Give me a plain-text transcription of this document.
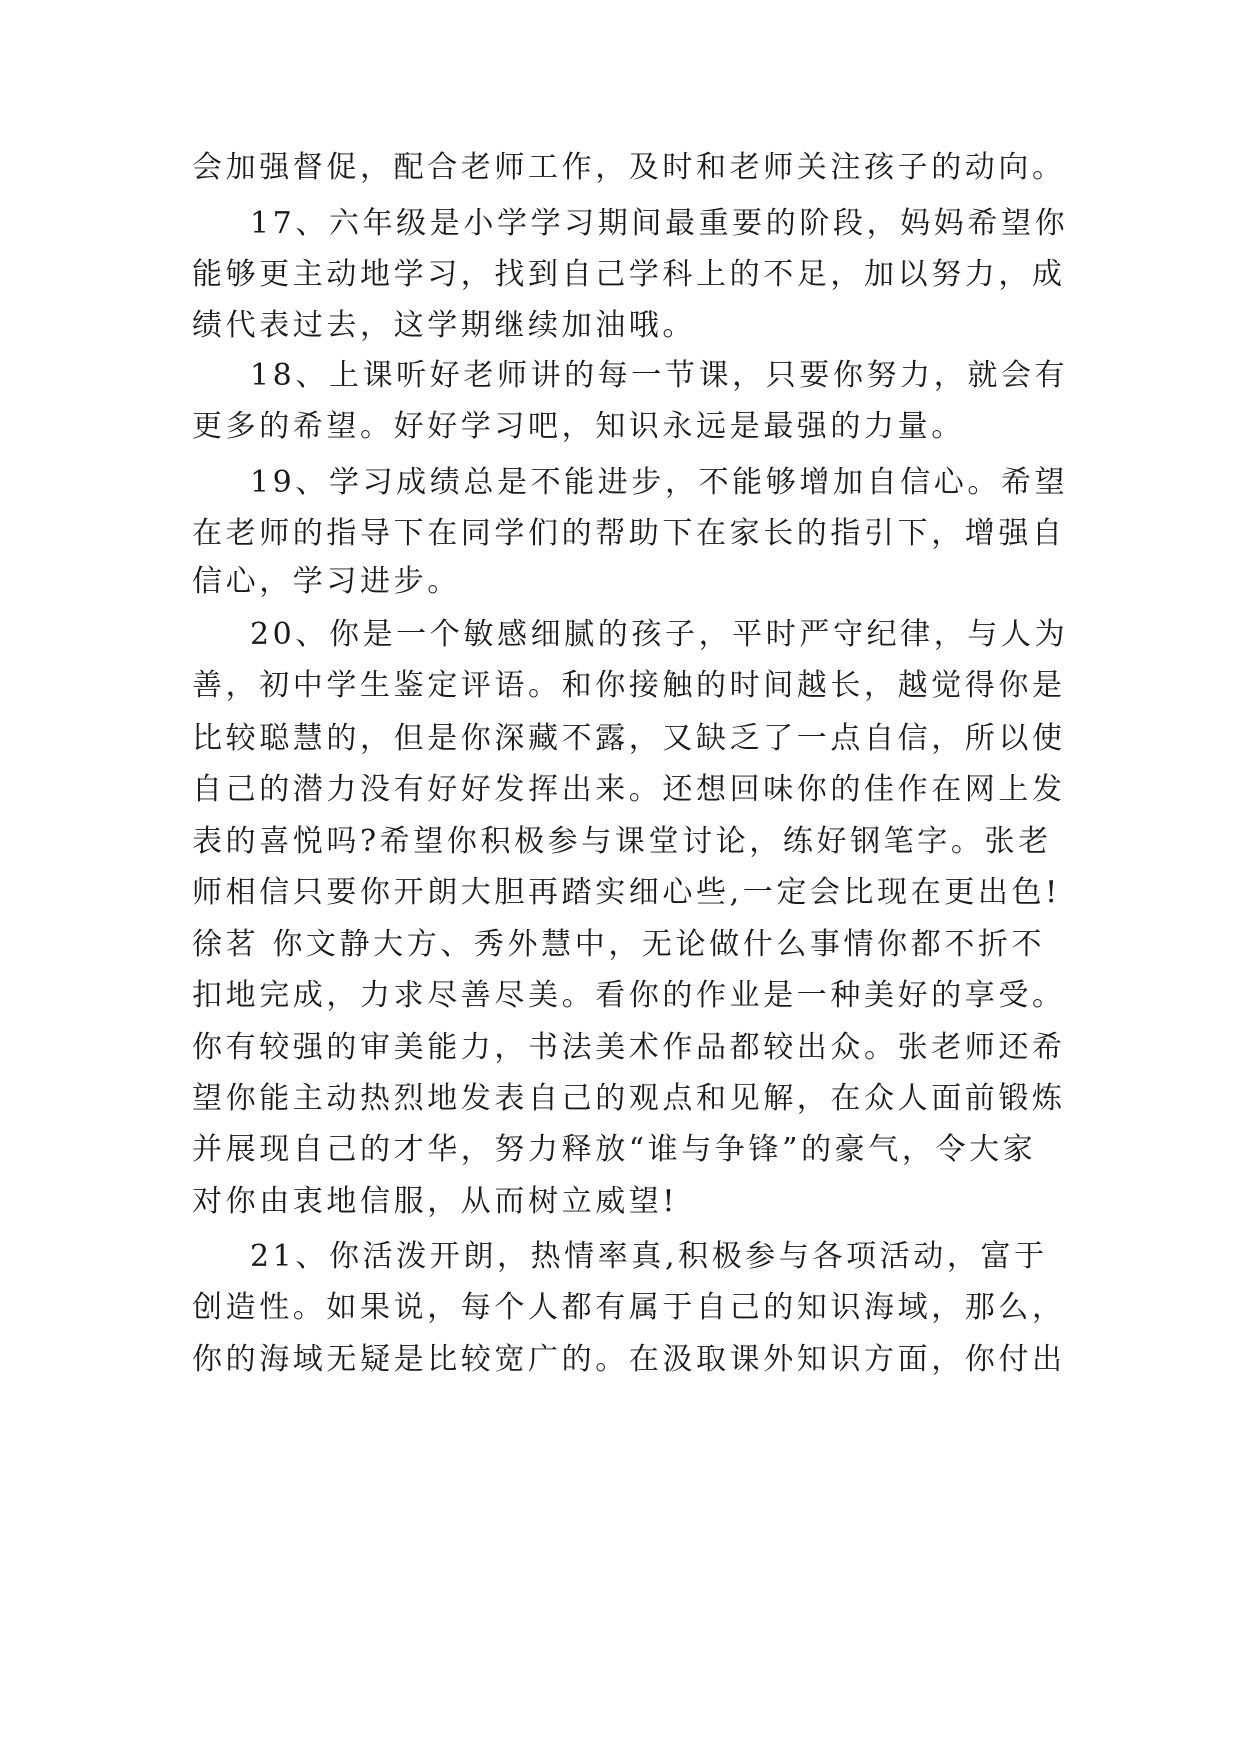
会加强督促，配合老师工作，及时和老师关注孩子的动向。
17、六年级是小学学习期间最重要的阶段，妈妈希望你
能够更主动地学习，找到自己学科上的不足，加以努力，成
绩代表过去，这学期继续加油哦。
18、上课听好老师讲的每一节课，只要你努力，就会有
更多的希望。好好学习吧，知识永远是最强的力量。
19、学习成绩总是不能进步，不能够增加自信心。希望
在老师的指导下在同学们的帮助下在家长的指引下，增强自
信心，学习进步。
20、你是一个敏感细腻的孩子，平时严守纪律，与人为
善，初中学生鉴定评语。和你接触的时间越长，越觉得你是
比较聪慧的，但是你深藏不露，又缺乏了一点自信，所以使
自己的潜力没有好好发挥出来。还想回味你的佳作在网上发
表的喜悦吗?希望你积极参与课堂讨论，练好钢笔字。张老
师相信只要你开朗大胆再踏实细心些,一定会比现在更出色!
徐茗 你文静大方、秀外慧中，无论做什么事情你都不折不
扣地完成，力求尽善尽美。看你的作业是一种美好的享受。
你有较强的审美能力，书法美术作品都较出众。张老师还希
望你能主动热烈地发表自己的观点和见解，在众人面前锻炼
并展现自己的才华，努力释放“谁与争锋”的豪气，令大家
对你由衷地信服，从而树立威望!
21、你活泼开朗，热情率真,积极参与各项活动，富于
创造性。如果说，每个人都有属于自己的知识海域，那么，
你的海域无疑是比较宽广的。在汲取课外知识方面，你付出
